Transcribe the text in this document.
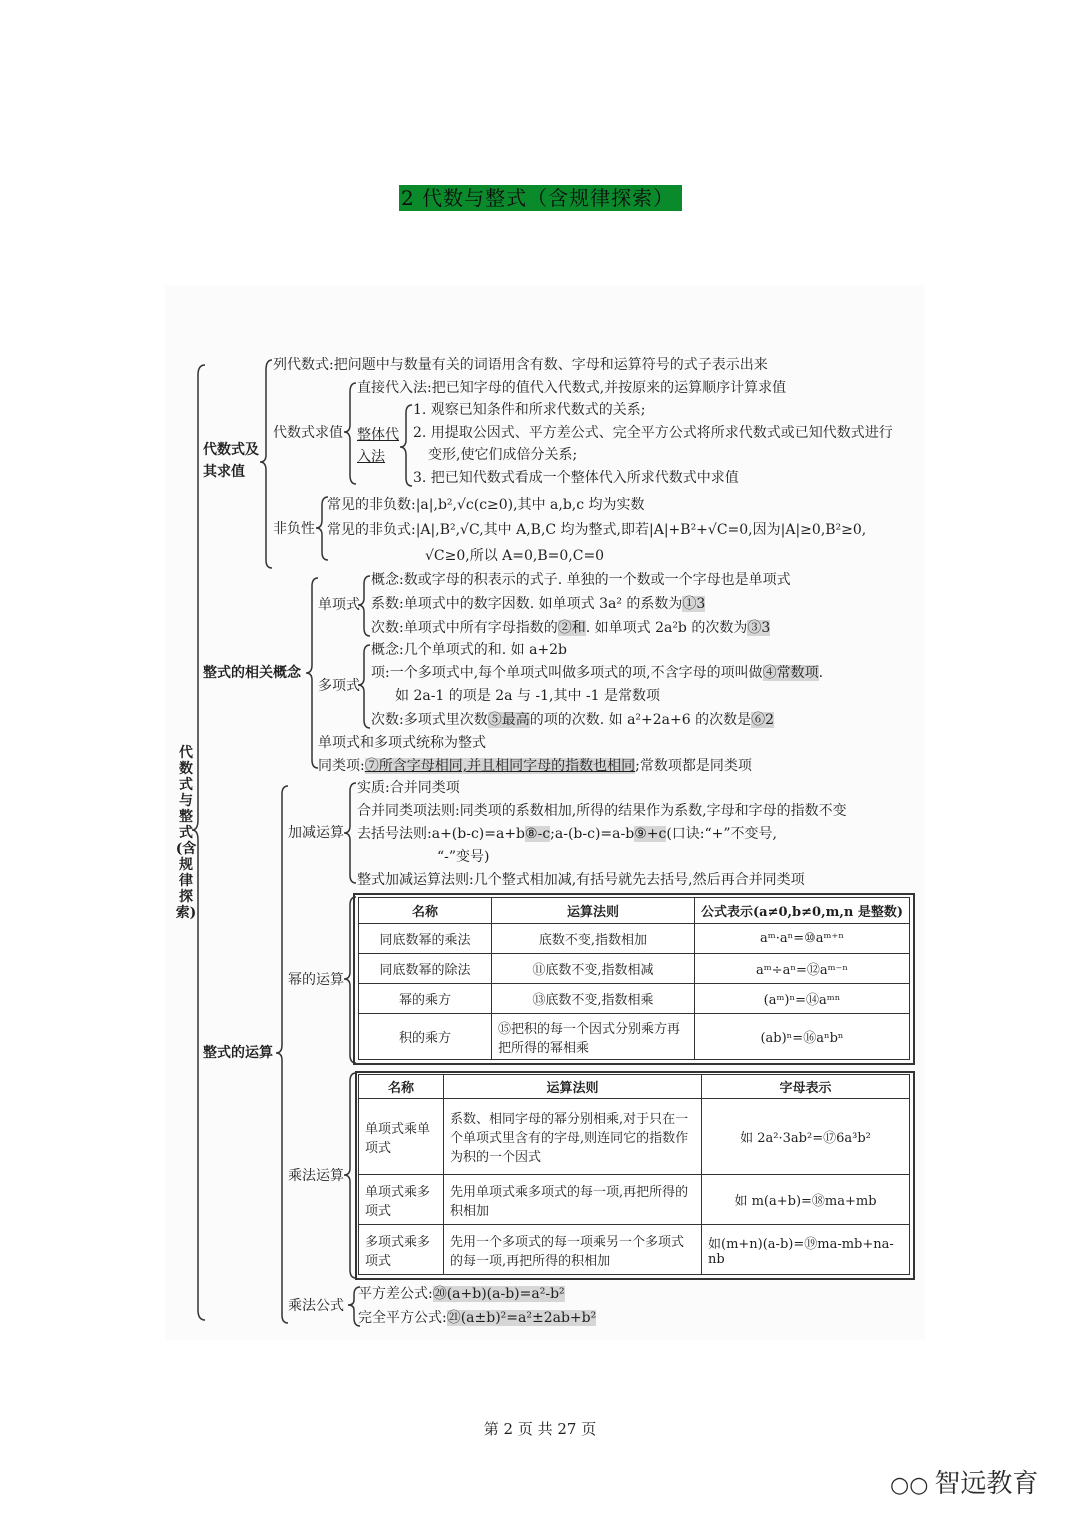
2 代数与整式（含规律探索）
代数式与整式(含规律探索)
代数式及
其求值
列代数式:把问题中与数量有关的词语用含有数、字母和运算符号的式子表示出来
代数式求值
直接代入法:把已知字母的值代入代数式,并按原来的运算顺序计算求值
整体代
入法
1. 观察已知条件和所求代数式的关系;
2. 用提取公因式、平方差公式、完全平方公式将所求代数式或已知代数式进行
变形,使它们成倍分关系;
3. 把已知代数式看成一个整体代入所求代数式中求值
非负性
常见的非负数:|a|,b²,√c(c≥0),其中 a,b,c 均为实数
常见的非负式:|A|,B²,√C,其中 A,B,C 均为整式,即若|A|+B²+√C=0,因为|A|≥0,B²≥0,
√C≥0,所以 A=0,B=0,C=0
整式的相关概念
单项式
概念:数或字母的积表示的式子. 单独的一个数或一个字母也是单项式
系数:单项式中的数字因数. 如单项式 3a² 的系数为①3
次数:单项式中所有字母指数的②和. 如单项式 2a²b 的次数为③3
多项式
概念:几个单项式的和. 如 a+2b
项:一个多项式中,每个单项式叫做多项式的项,不含字母的项叫做④常数项.
如 2a-1 的项是 2a 与 -1,其中 -1 是常数项
次数:多项式里次数⑤最高的项的次数. 如 a²+2a+6 的次数是⑥2
单项式和多项式统称为整式
同类项:⑦所含字母相同,并且相同字母的指数也相同;常数项都是同类项
整式的运算
加减运算
实质:合并同类项
合并同类项法则:同类项的系数相加,所得的结果作为系数,字母和字母的指数不变
去括号法则:a+(b-c)=a+b⑧-c;a-(b-c)=a-b⑨+c(口诀:“+”不变号,
“-”变号)
整式加减运算法则:几个整式相加减,有括号就先去括号,然后再合并同类项
幂的运算
名称	运算法则	公式表示(a≠0,b≠0,m,n 是整数)
同底数幂的乘法	底数不变,指数相加	aᵐ·aⁿ=⑩aᵐ⁺ⁿ
同底数幂的除法	⑪底数不变,指数相减	aᵐ÷aⁿ=⑫aᵐ⁻ⁿ
幂的乘方	⑬底数不变,指数相乘	(aᵐ)ⁿ=⑭aᵐⁿ
积的乘方	⑮把积的每一个因式分别乘方再把所得的幂相乘	(ab)ⁿ=⑯aⁿbⁿ
乘法运算
名称	运算法则	字母表示
单项式乘单项式	系数、相同字母的幂分别相乘,对于只在一个单项式里含有的字母,则连同它的指数作为积的一个因式	如 2a²·3ab²=⑰6a³b²
单项式乘多项式	先用单项式乘多项式的每一项,再把所得的积相加	如 m(a+b)=⑱ma+mb
多项式乘多项式	先用一个多项式的每一项乘另一个多项式的每一项,再把所得的积相加	如(m+n)(a-b)=⑲ma-mb+na-nb
乘法公式
平方差公式:⑳(a+b)(a-b)=a²-b²
完全平方公式:㉑(a±b)²=a²±2ab+b²
第 2 页 共 27 页
○○ 智远教育
